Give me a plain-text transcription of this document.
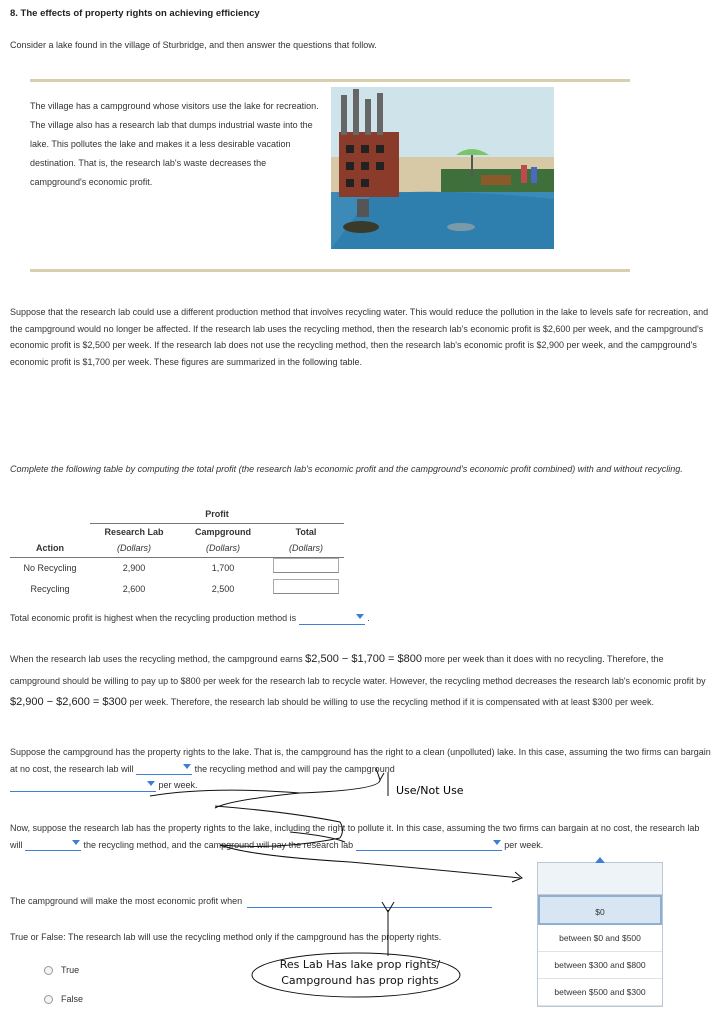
8. The effects of property rights on achieving efficiency
Consider a lake found in the village of Sturbridge, and then answer the questions that follow.
The village has a campground whose visitors use the lake for recreation. The village also has a research lab that dumps industrial waste into the lake. This pollutes the lake and makes it a less desirable vacation destination. That is, the research lab's waste decreases the campground's economic profit.
Suppose that the research lab could use a different production method that involves recycling water. This would reduce the pollution in the lake to levels safe for recreation, and the campground would no longer be affected. If the research lab uses the recycling method, then the research lab's economic profit is $2,600 per week, and the campground's economic profit is $2,500 per week. If the research lab does not use the recycling method, then the research lab's economic profit is $2,900 per week, and the campground's economic profit is $1,700 per week. These figures are summarized in the following table.
Complete the following table by computing the total profit (the research lab's economic profit and the campground's economic profit combined) with and without recycling.
	Profit		
	Research Lab	Campground	Total
Action	(Dollars)	(Dollars)	(Dollars)
No Recycling	2,900	1,700	
Recycling	2,600	2,500	
Total economic profit is highest when the recycling production method is	.
When the research lab uses the recycling method, the campground earns $2,500 − $1,700 = $800 more per week than it does with no recycling. Therefore, the campground should be willing to pay up to $800 per week for the research lab to recycle water. However, the recycling method decreases the research lab's economic profit by $2,900 − $2,600 = $300 per week. Therefore, the research lab should be willing to use the recycling method if it is compensated with at least $300 per week.
Suppose the campground has the property rights to the lake. That is, the campground has the right to a clean (unpolluted) lake. In this case, assuming the two firms can bargain at no cost, the research lab will	the recycling method and will pay the campground

per week.
Now, suppose the research lab has the property rights to the lake, including the right to pollute it. In this case, assuming the two firms can bargain at no cost, the research lab will	the recycling method, and the campground will pay the research lab	per week.
The campground will make the most economic profit when
True or False: The research lab will use the recycling method only if the campground has the property rights.
True
False
$0
between $0 and $500
between $300 and $800
between $500 and $300
Use/Not Use
Res Lab Has lake prop rights/ Campground has prop rights
